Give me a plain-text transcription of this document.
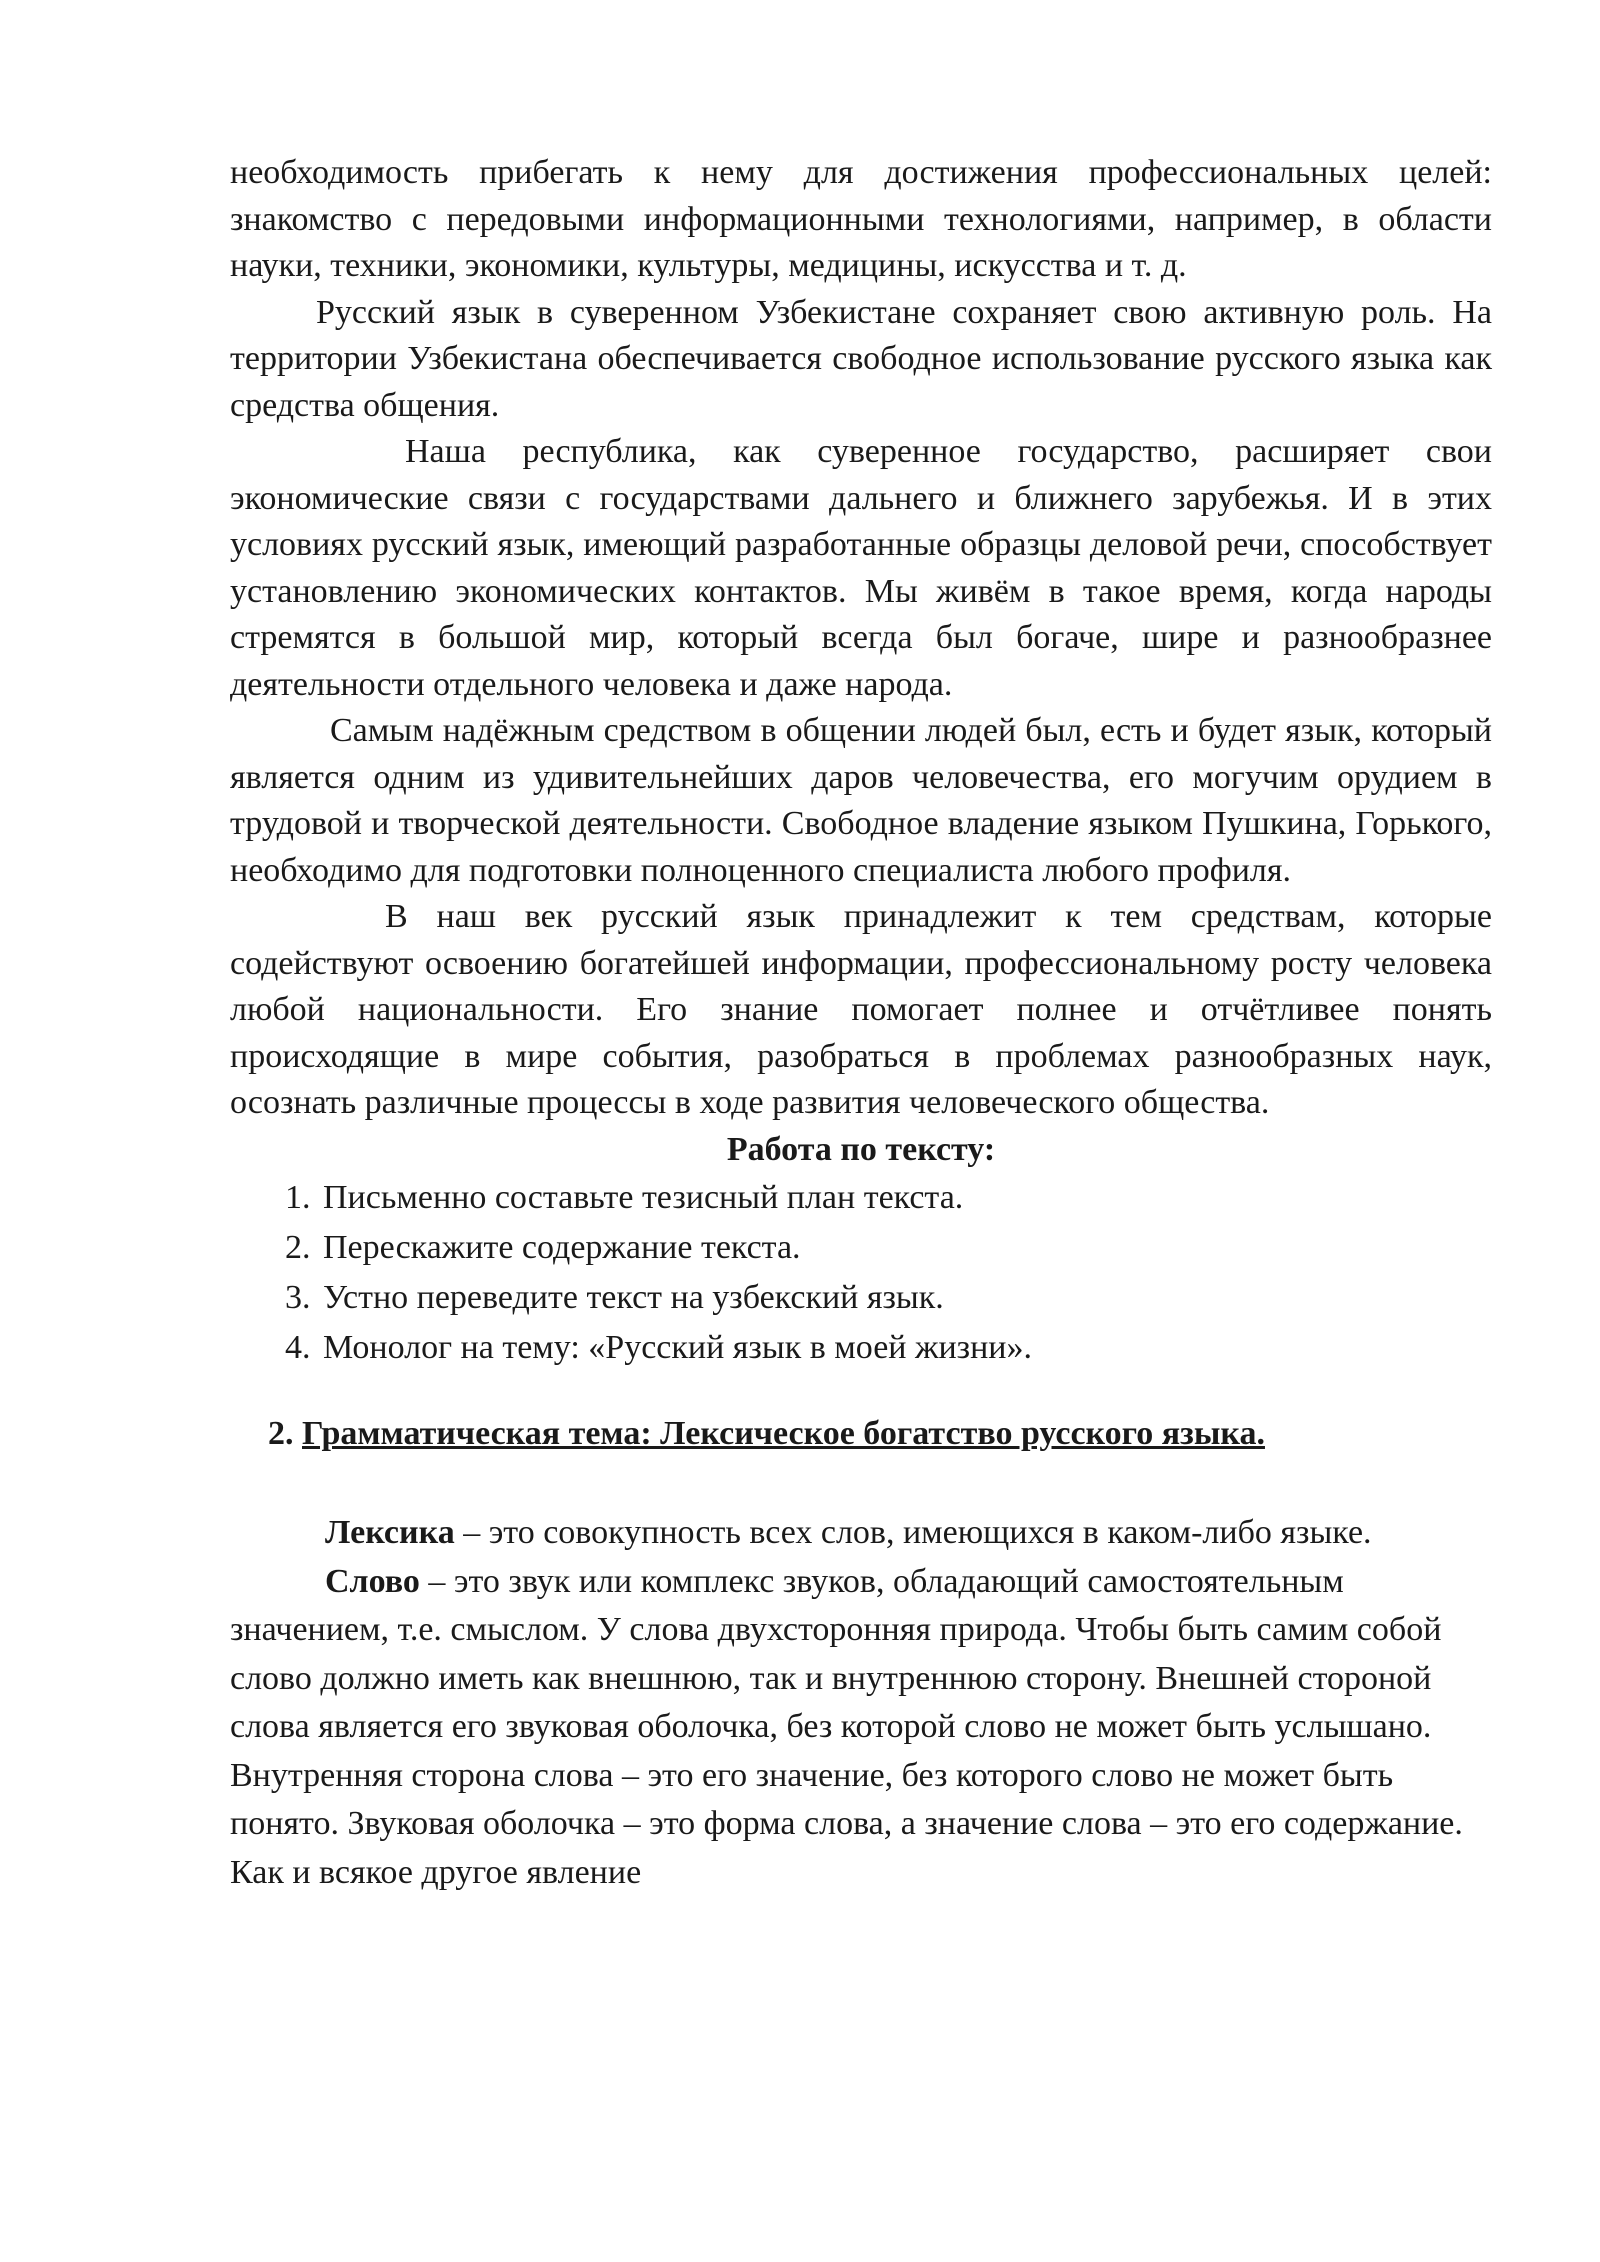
необходимость прибегать к нему для достижения профессиональных целей: знакомство с передовыми информационными технологиями, например, в области науки, техники, экономики, культуры, медицины, искусства и т. д.

Русский язык в суверенном Узбекистане сохраняет свою активную роль. На территории Узбекистана обеспечивается свободное использование русского языка как средства общения.

Наша республика, как суверенное государство, расширяет свои экономические связи с государствами дальнего и ближнего зарубежья. И в этих условиях русский язык, имеющий разработанные образцы деловой речи, способствует установлению экономических контактов. Мы живём в такое время, когда народы стремятся в большой мир, который всегда был богаче, шире и разнообразнее деятельности отдельного человека и даже народа.

Самым надёжным средством в общении людей был, есть и будет язык, который является одним из удивительнейших даров человечества, его могучим орудием в трудовой и творческой деятельности. Свободное владение языком Пушкина, Горького, необходимо для подготовки полноценного специалиста любого профиля.

В наш век русский язык принадлежит к тем средствам, которые содействуют освоению богатейшей информации, профессиональному росту человека любой национальности. Его знание помогает полнее и отчётливее понять происходящие в мире события, разобраться в проблемах разнообразных наук, осознать различные процессы в ходе развития человеческого общества.

Работа по тексту:

1. Письменно составьте тезисный план текста.
2. Перескажите содержание текста.
3. Устно переведите текст на узбекский язык.
4. Монолог на тему: «Русский язык в моей жизни».

2. Грамматическая тема: Лексическое богатство русского языка.

Лексика – это совокупность всех слов, имеющихся в каком-либо языке.

Слово – это звук или комплекс звуков, обладающий самостоятельным значением, т.е. смыслом. У слова двухсторонняя природа. Чтобы быть самим собой слово должно иметь как внешнюю, так и внутреннюю сторону. Внешней стороной слова является его звуковая оболочка, без которой слово не может быть услышано. Внутренняя сторона слова – это его значение, без которого слово не может быть понято. Звуковая оболочка – это форма слова, а значение слова – это его содержание. Как и всякое другое явление
